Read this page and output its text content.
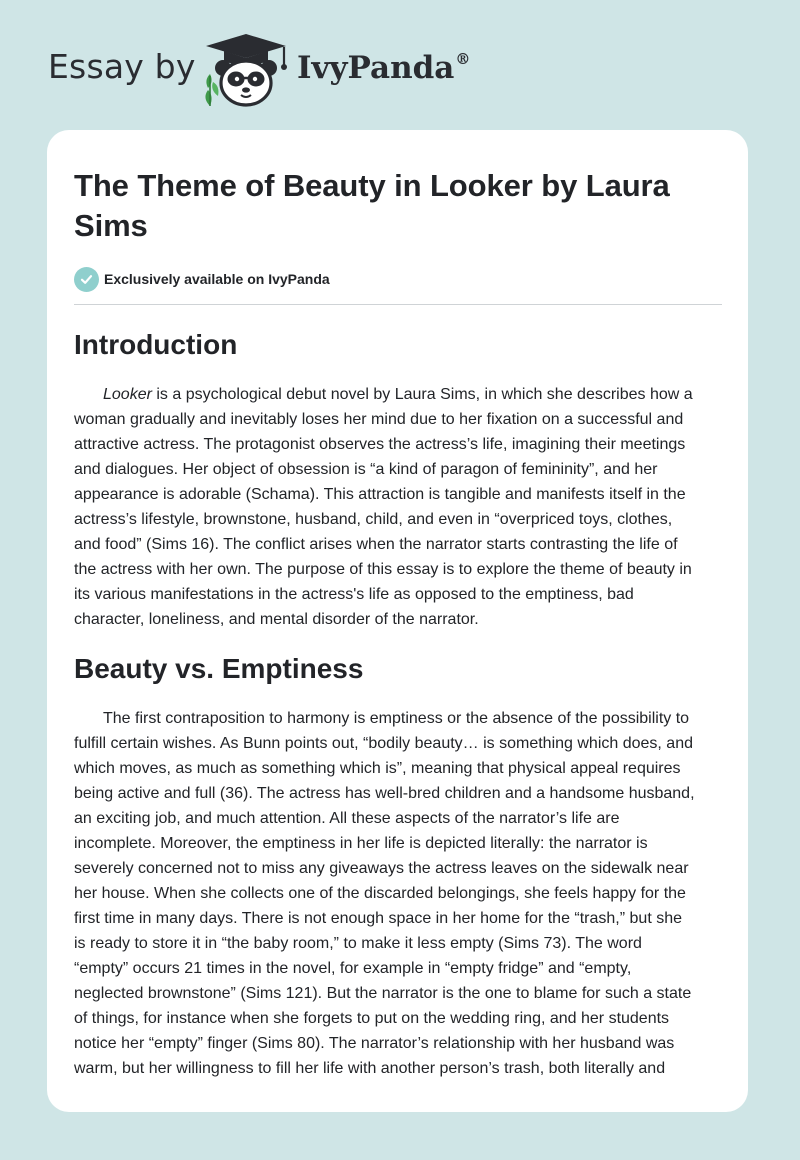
Essay by	IvyPanda®
The Theme of Beauty in Looker by Laura Sims
Exclusively available on IvyPanda
Introduction

Looker is a psychological debut novel by Laura Sims, in which she describes how a
woman gradually and inevitably loses her mind due to her fixation on a successful and
attractive actress. The protagonist observes the actress’s life, imagining their meetings
and dialogues. Her object of obsession is “a kind of paragon of femininity”, and her
appearance is adorable (Schama). This attraction is tangible and manifests itself in the
actress’s lifestyle, brownstone, husband, child, and even in “overpriced toys, clothes,
and food” (Sims 16). The conflict arises when the narrator starts contrasting the life of
the actress with her own. The purpose of this essay is to explore the theme of beauty in
its various manifestations in the actress's life as opposed to the emptiness, bad
character, loneliness, and mental disorder of the narrator.

Beauty vs. Emptiness

The first contraposition to harmony is emptiness or the absence of the possibility to
fulfill certain wishes. As Bunn points out, “bodily beauty… is something which does, and
which moves, as much as something which is”, meaning that physical appeal requires
being active and full (36). The actress has well-bred children and a handsome husband,
an exciting job, and much attention. All these aspects of the narrator’s life are
incomplete. Moreover, the emptiness in her life is depicted literally: the narrator is
severely concerned not to miss any giveaways the actress leaves on the sidewalk near
her house. When she collects one of the discarded belongings, she feels happy for the
first time in many days. There is not enough space in her home for the “trash,” but she
is ready to store it in “the baby room,” to make it less empty (Sims 73). The word
“empty” occurs 21 times in the novel, for example in “empty fridge” and “empty,
neglected brownstone” (Sims 121). But the narrator is the one to blame for such a state
of things, for instance when she forgets to put on the wedding ring, and her students
notice her “empty” finger (Sims 80). The narrator’s relationship with her husband was
warm, but her willingness to fill her life with another person’s trash, both literally and
